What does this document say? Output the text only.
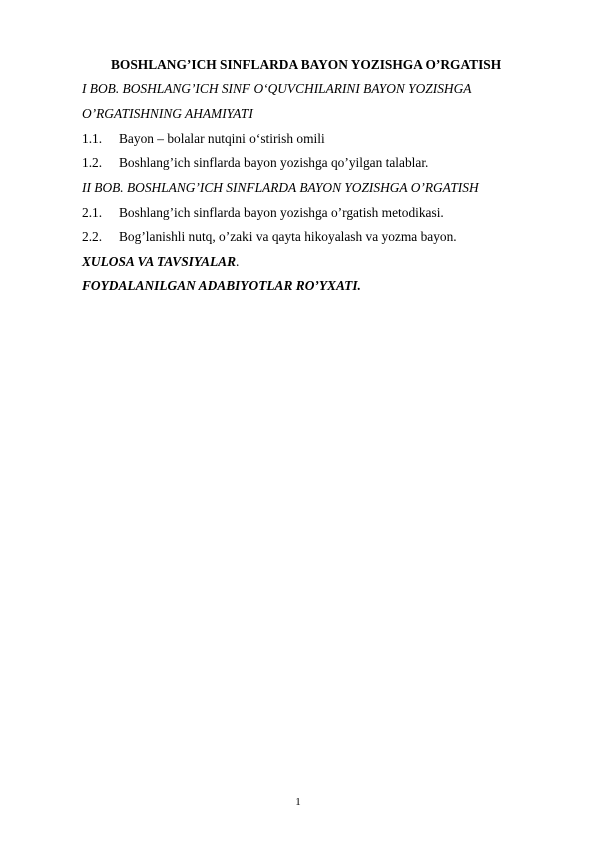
BOSHLANG’ICH SINFLARDA BAYON YOZISHGA O’RGATISH
I BOB. BOSHLANG’ICH SINF O‘QUVCHILARINI BAYON YOZISHGA
O’RGATISHNING AHAMIYATI
1.1. Bayon – bolalar nutqini o‘stirish omili
1.2. Boshlang’ich sinflarda bayon yozishga qo’yilgan talablar.
II BOB. BOSHLANG’ICH SINFLARDA BAYON YOZISHGA O’RGATISH
2.1. Boshlang’ich sinflarda bayon yozishga o’rgatish metodikasi.
2.2. Bog’lanishli nutq, o’zaki va qayta hikoyalash va yozma bayon.
XULOSA VA TAVSIYALAR.
FOYDALANILGAN ADABIYOTLAR RO’YXATI.
1
